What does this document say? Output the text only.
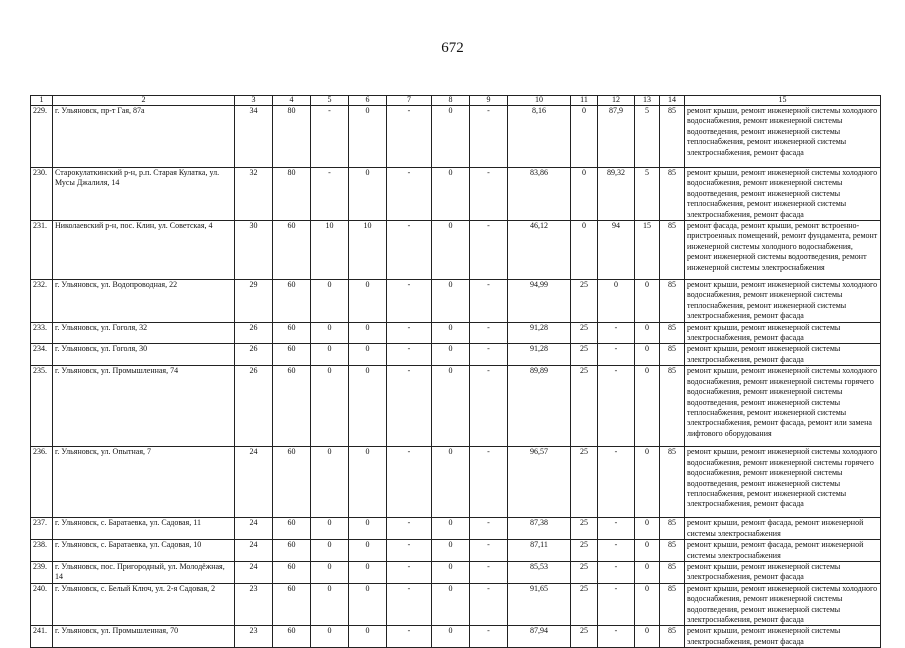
672
1	2	3	4	5	6	7	8	9	10	11	12	13	14	15
229.	г. Ульяновск, пр-т Гая, 87а	34	80	-	0	-	0	-	8,16	0	87,9	5	85	ремонт крыши, ремонт инженерной системы холодного водоснабжения, ремонт инженерной системы водоотведения, ремонт инженерной системы теплоснабжения, ремонт инженерной системы электроснабжения, ремонт фасада
230.	Старокулаткинский р-н, р.п. Старая Кулатка, ул. Мусы Джалиля, 14	32	80	-	0	-	0	-	83,86	0	89,32	5	85	ремонт крыши, ремонт инженерной системы холодного водоснабжения, ремонт инженерной системы водоотведения, ремонт инженерной системы теплоснабжения, ремонт инженерной системы электроснабжения, ремонт фасада
231.	Николаевский р-н, пос. Клин, ул. Советская, 4	30	60	10	10	-	0	-	46,12	0	94	15	85	ремонт фасада, ремонт крыши, ремонт встроенно-пристроенных помещений, ремонт фундамента, ремонт инженерной системы холодного водоснабжения, ремонт инженерной системы водоотведения, ремонт инженерной системы электроснабжения
232.	г. Ульяновск, ул. Водопроводная, 22	29	60	0	0	-	0	-	94,99	25	0	0	85	ремонт крыши, ремонт инженерной системы холодного водоснабжения, ремонт инженерной системы теплоснабжения, ремонт инженерной системы электроснабжения, ремонт фасада
233.	г. Ульяновск, ул. Гоголя, 32	26	60	0	0	-	0	-	91,28	25	-	0	85	ремонт крыши, ремонт инженерной системы электроснабжения, ремонт фасада
234.	г. Ульяновск, ул. Гоголя, 30	26	60	0	0	-	0	-	91,28	25	-	0	85	ремонт крыши, ремонт инженерной системы электроснабжения, ремонт фасада
235.	г. Ульяновск, ул. Промышленная, 74	26	60	0	0	-	0	-	89,89	25	-	0	85	ремонт крыши, ремонт инженерной системы холодного водоснабжения, ремонт инженерной системы горячего водоснабжения, ремонт инженерной системы водоотведения, ремонт инженерной системы теплоснабжения, ремонт инженерной системы электроснабжения, ремонт фасада, ремонт или замена лифтового оборудования
236.	г. Ульяновск, ул. Опытная, 7	24	60	0	0	-	0	-	96,57	25	-	0	85	ремонт крыши, ремонт инженерной системы холодного водоснабжения, ремонт инженерной системы горячего водоснабжения, ремонт инженерной системы водоотведения, ремонт инженерной системы теплоснабжения, ремонт инженерной системы электроснабжения, ремонт фасада
237.	г. Ульяновск, с. Баратаевка, ул. Садовая, 11	24	60	0	0	-	0	-	87,38	25	-	0	85	ремонт крыши, ремонт фасада, ремонт инженерной системы электроснабжения
238.	г. Ульяновск, с. Баратаевка, ул. Садовая, 10	24	60	0	0	-	0	-	87,11	25	-	0	85	ремонт крыши, ремонт фасада, ремонт инженерной системы электроснабжения
239.	г. Ульяновск, пос. Пригородный, ул. Молодёжная, 14	24	60	0	0	-	0	-	85,53	25	-	0	85	ремонт крыши, ремонт инженерной системы электроснабжения, ремонт фасада
240.	г. Ульяновск, с. Белый Ключ, ул. 2-я Садовая, 2	23	60	0	0	-	0	-	91,65	25	-	0	85	ремонт крыши, ремонт инженерной системы холодного водоснабжения, ремонт инженерной системы водоотведения, ремонт инженерной системы электроснабжения, ремонт фасада
241.	г. Ульяновск, ул. Промышленная, 70	23	60	0	0	-	0	-	87,94	25	-	0	85	ремонт крыши, ремонт инженерной системы электроснабжения, ремонт фасада
